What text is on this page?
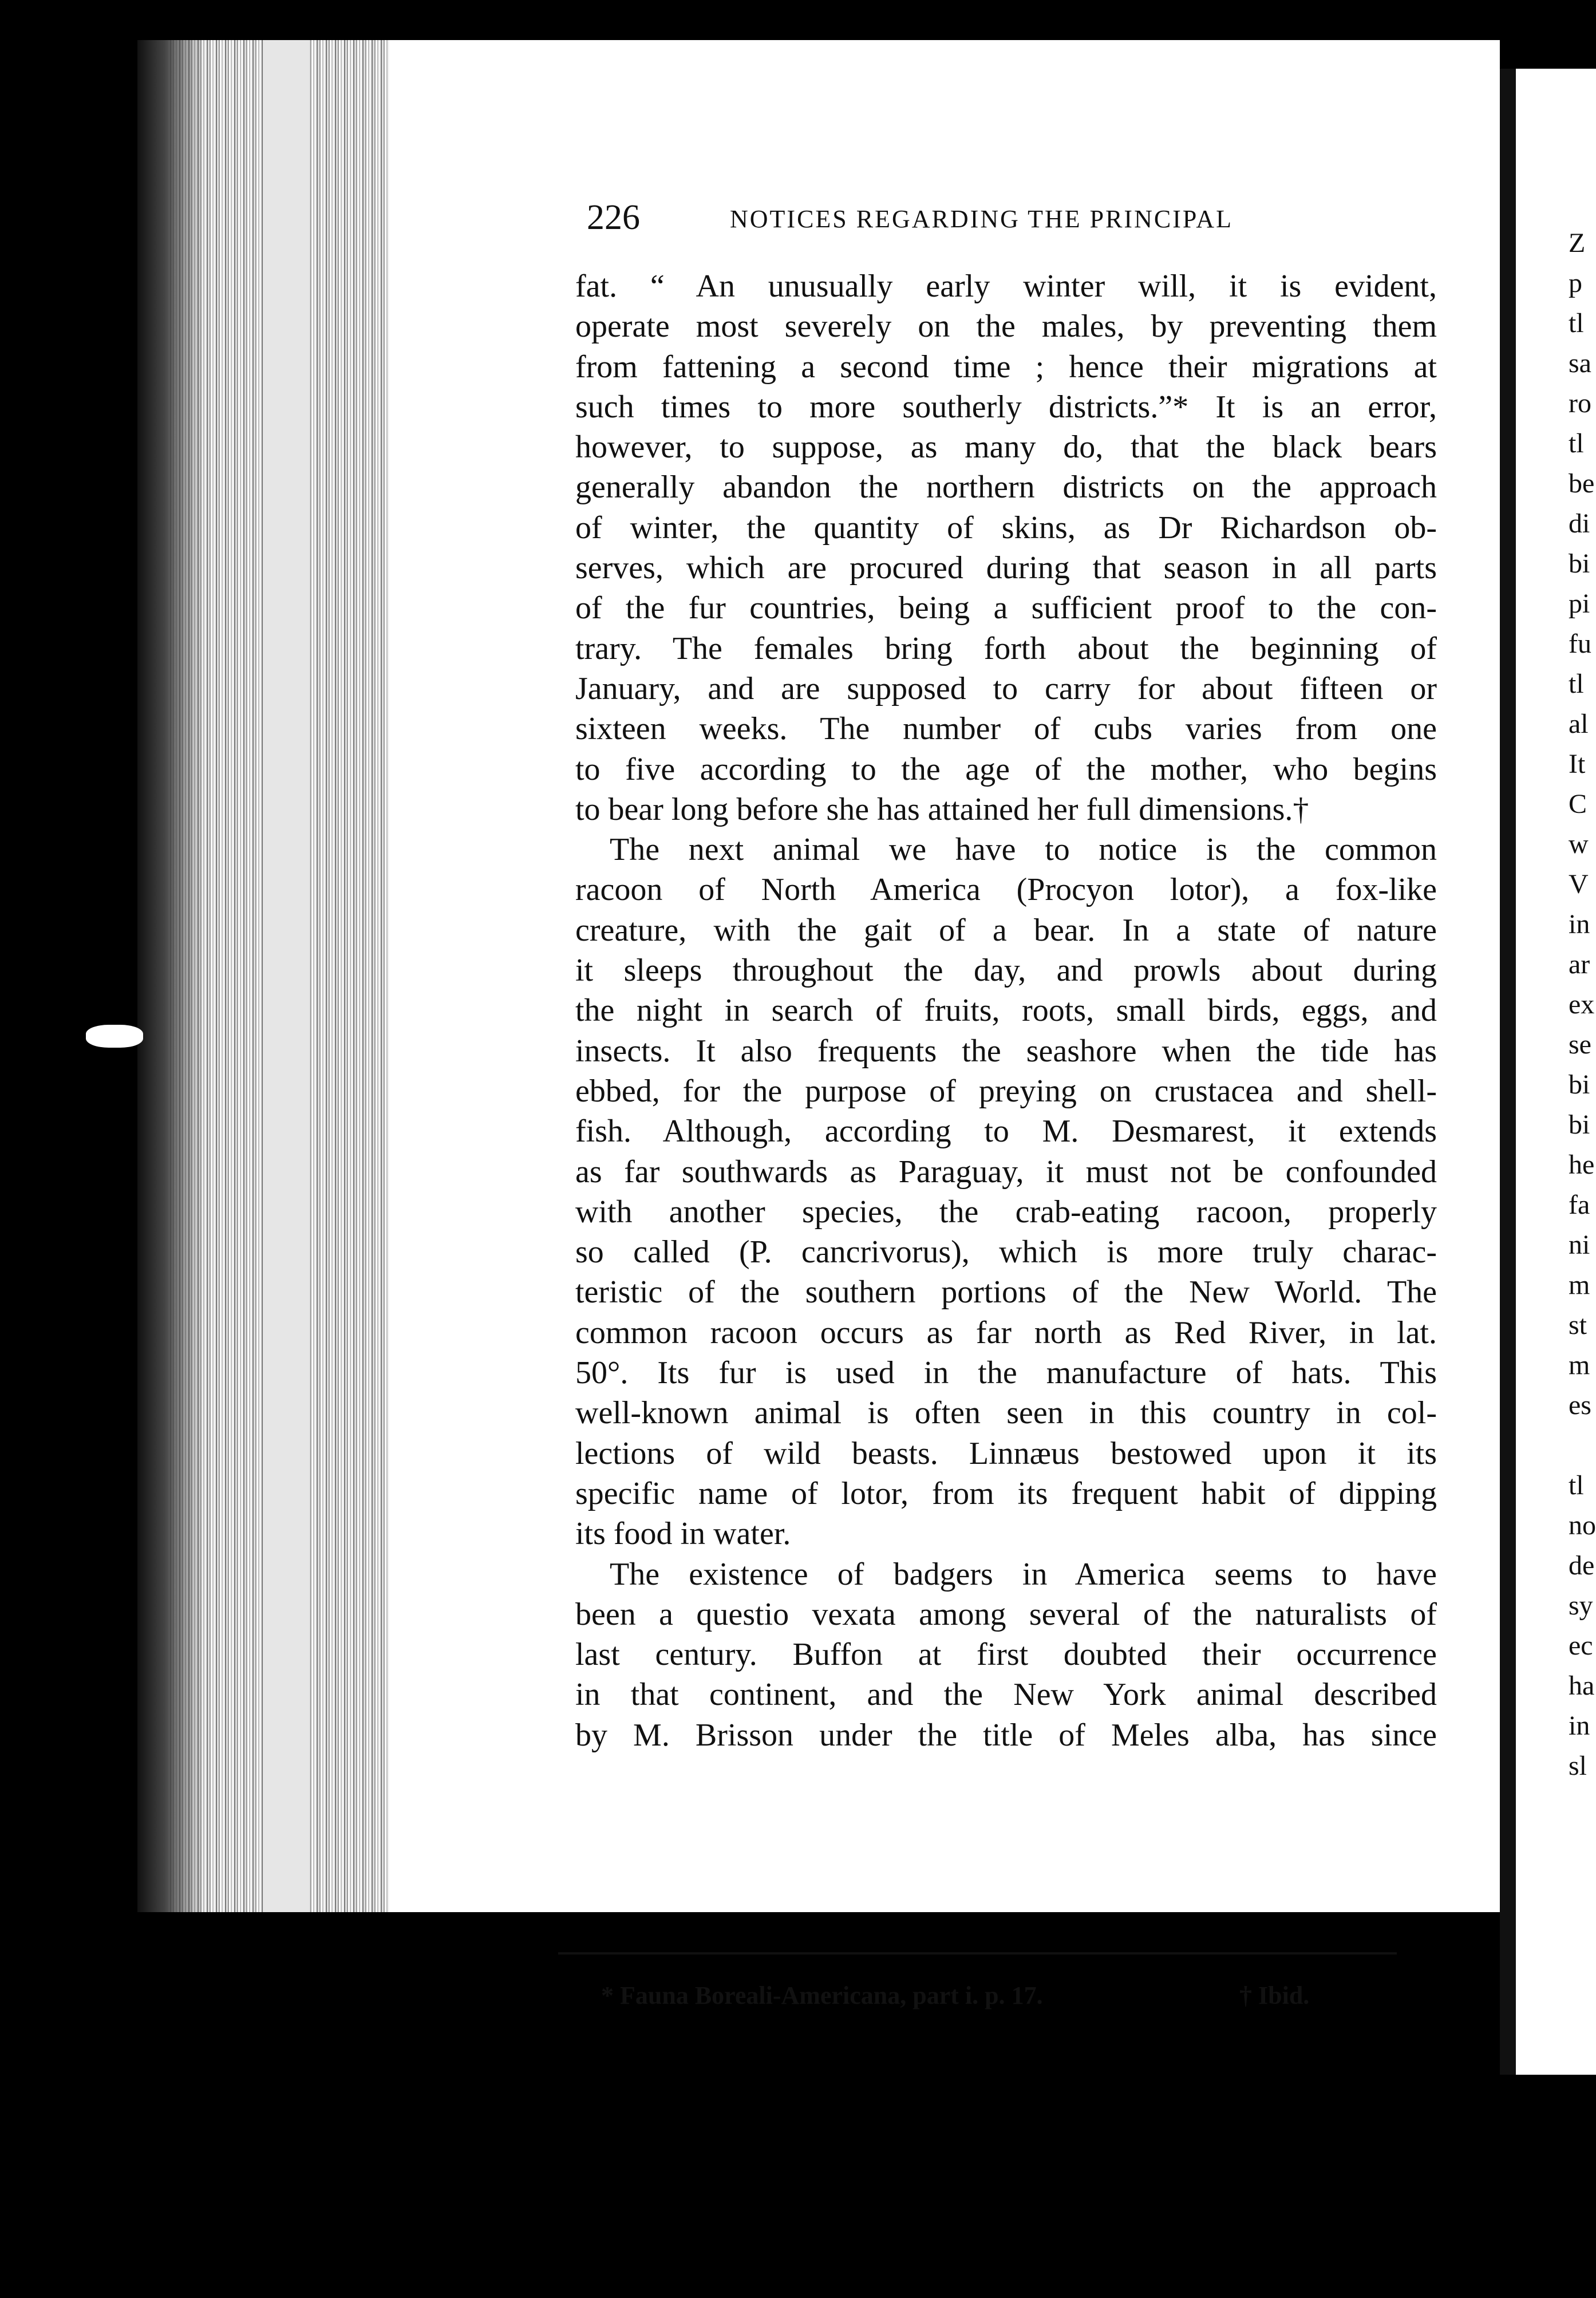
Z
p
tl
sa
ro
tl
be
di
bi
pi
fu
tl
al
It
C
w
V
in
ar
ex
se
bi
bi
he
fa
ni
m
st
m
es
tl
no
de
sy
ec
ha
in
sl
226	NOTICES REGARDING THE PRINCIPAL
fat. “ An unusually early winter will, it is evident,
operate most severely on the males, by preventing them
from fattening a second time ; hence their migrations at
such times to more southerly districts.”* It is an error,
however, to suppose, as many do, that the black bears
generally abandon the northern districts on the approach
of winter, the quantity of skins, as Dr Richardson ob-
serves, which are procured during that season in all parts
of the fur countries, being a sufficient proof to the con-
trary. The females bring forth about the beginning of
January, and are supposed to carry for about fifteen or
sixteen weeks. The number of cubs varies from one
to five according to the age of the mother, who begins
to bear long before she has attained her full dimensions.†
The next animal we have to notice is the common
racoon of North America (Procyon lotor), a fox-like
creature, with the gait of a bear. In a state of nature
it sleeps throughout the day, and prowls about during
the night in search of fruits, roots, small birds, eggs, and
insects. It also frequents the seashore when the tide has
ebbed, for the purpose of preying on crustacea and shell-
fish. Although, according to M. Desmarest, it extends
as far southwards as Paraguay, it must not be confounded
with another species, the crab-eating racoon, properly
so called (P. cancrivorus), which is more truly charac-
teristic of the southern portions of the New World. The
common racoon occurs as far north as Red River, in lat.
50°. Its fur is used in the manufacture of hats. This
well-known animal is often seen in this country in col-
lections of wild beasts. Linnæus bestowed upon it its
specific name of lotor, from its frequent habit of dipping
its food in water.
The existence of badgers in America seems to have
been a questio vexata among several of the naturalists of
last century. Buffon at first doubted their occurrence
in that continent, and the New York animal described
by M. Brisson under the title of Meles alba, has since
* Fauna Boreali-Americana, part i. p. 17.	† Ibid.
